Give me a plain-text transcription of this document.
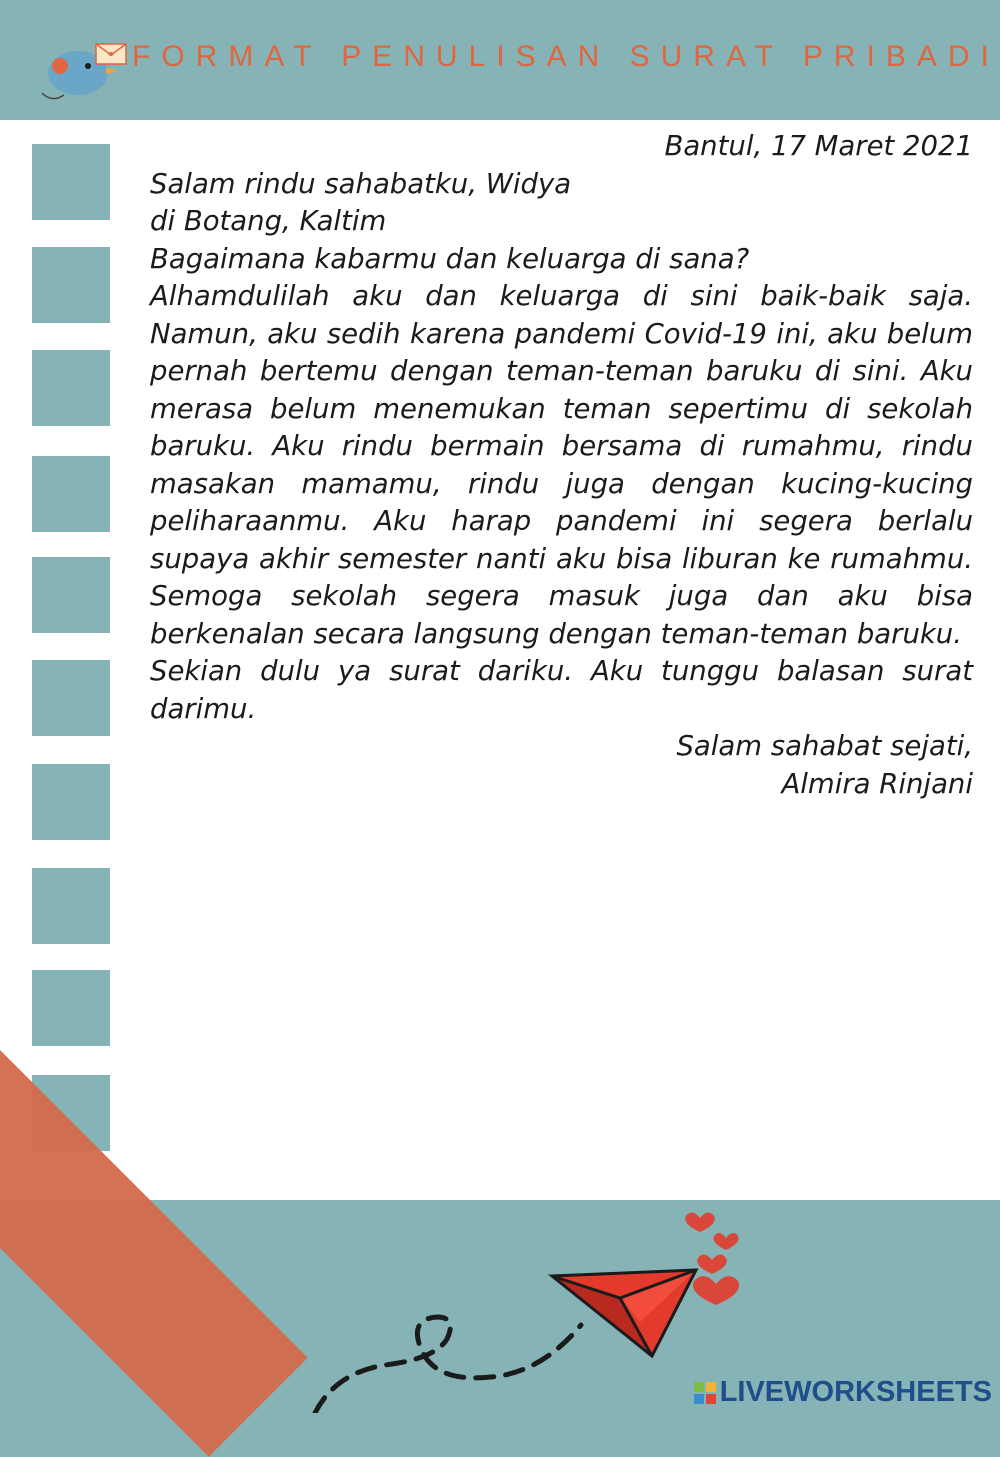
FORMAT PENULISAN SURAT PRIBADI

Bantul, 17 Maret 2021

Salam rindu sahabatku, Widya

di Botang, Kaltim

Bagaimana kabarmu dan keluarga di sana?

Alhamdulilah aku dan keluarga di sini baik-baik saja. Namun, aku sedih karena pandemi Covid-19 ini, aku belum pernah bertemu dengan teman-teman baruku di sini. Aku merasa belum menemukan teman sepertimu di sekolah baruku. Aku rindu bermain bersama di rumahmu, rindu masakan mamamu, rindu juga dengan kucing-kucing peliharaanmu. Aku harap pandemi ini segera berlalu supaya akhir semester nanti aku bisa liburan ke rumahmu. Semoga sekolah segera masuk juga dan aku bisa berkenalan secara langsung dengan teman-teman baruku.

Sekian dulu ya surat dariku. Aku tunggu balasan surat darimu.

Salam sahabat sejati,

Almira Rinjani

LIVEWORKSHEETS
